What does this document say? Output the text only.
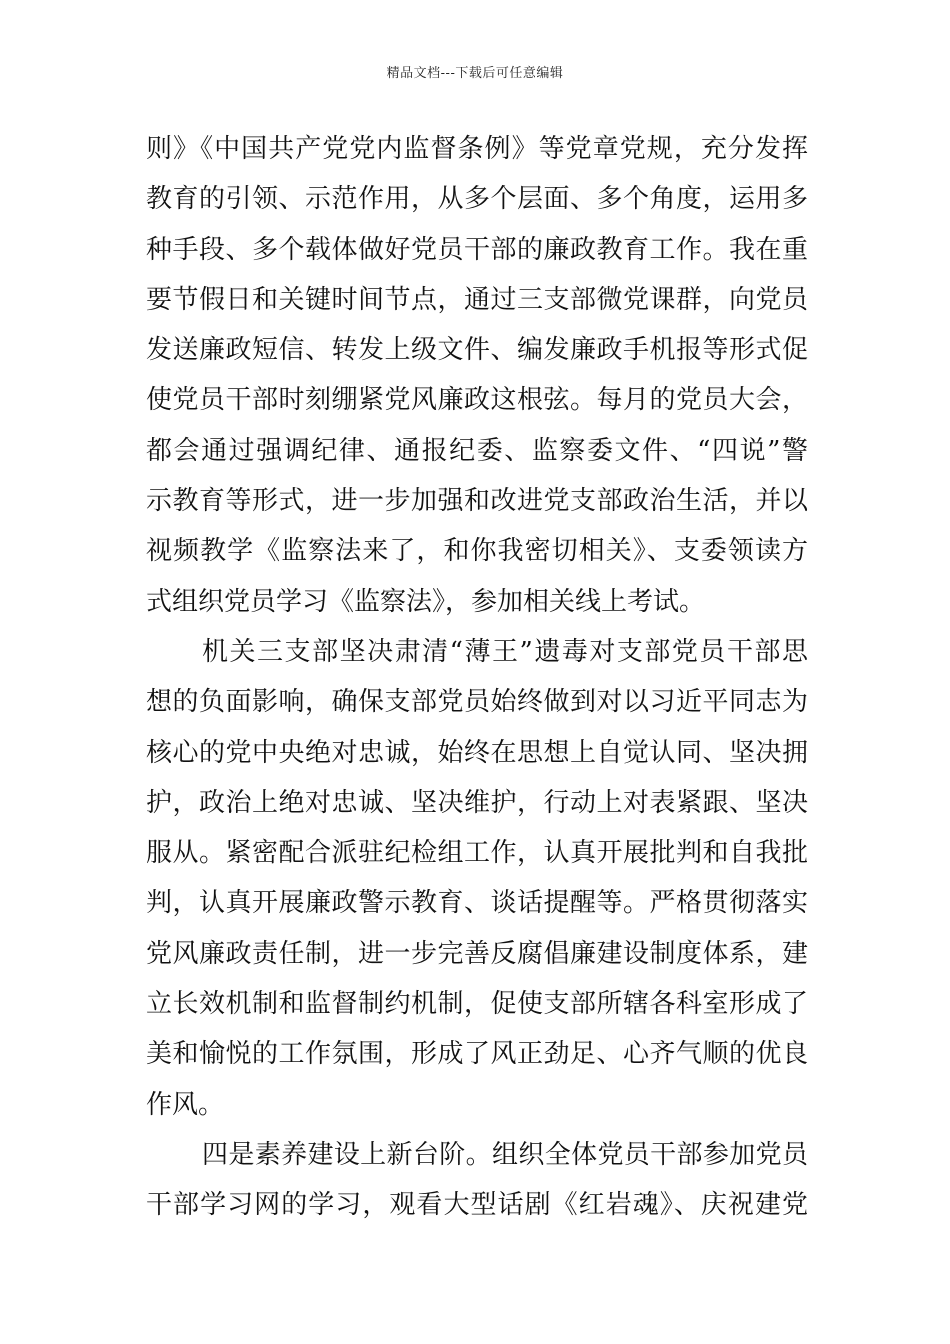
精品文档---下载后可任意编辑
则》《中国共产党党内监督条例》等党章党规，充分发挥
教育的引领、示范作用，从多个层面、多个角度，运用多
种手段、多个载体做好党员干部的廉政教育工作。我在重
要节假日和关键时间节点，通过三支部微党课群，向党员
发送廉政短信、转发上级文件、编发廉政手机报等形式促
使党员干部时刻绷紧党风廉政这根弦。每月的党员大会，
都会通过强调纪律、通报纪委、监察委文件、“四说”警
示教育等形式，进一步加强和改进党支部政治生活，并以
视频教学《监察法来了，和你我密切相关》、支委领读方
式组织党员学习《监察法》，参加相关线上考试。
机关三支部坚决肃清“薄王”遗毒对支部党员干部思
想的负面影响，确保支部党员始终做到对以习近平同志为
核心的党中央绝对忠诚，始终在思想上自觉认同、坚决拥
护，政治上绝对忠诚、坚决维护，行动上对表紧跟、坚决
服从。紧密配合派驻纪检组工作，认真开展批判和自我批
判，认真开展廉政警示教育、谈话提醒等。严格贯彻落实
党风廉政责任制，进一步完善反腐倡廉建设制度体系，建
立长效机制和监督制约机制，促使支部所辖各科室形成了
美和愉悦的工作氛围，形成了风正劲足、心齐气顺的优良
作风。
四是素养建设上新台阶。组织全体党员干部参加党员
干部学习网的学习，观看大型话剧《红岩魂》、庆祝建党
